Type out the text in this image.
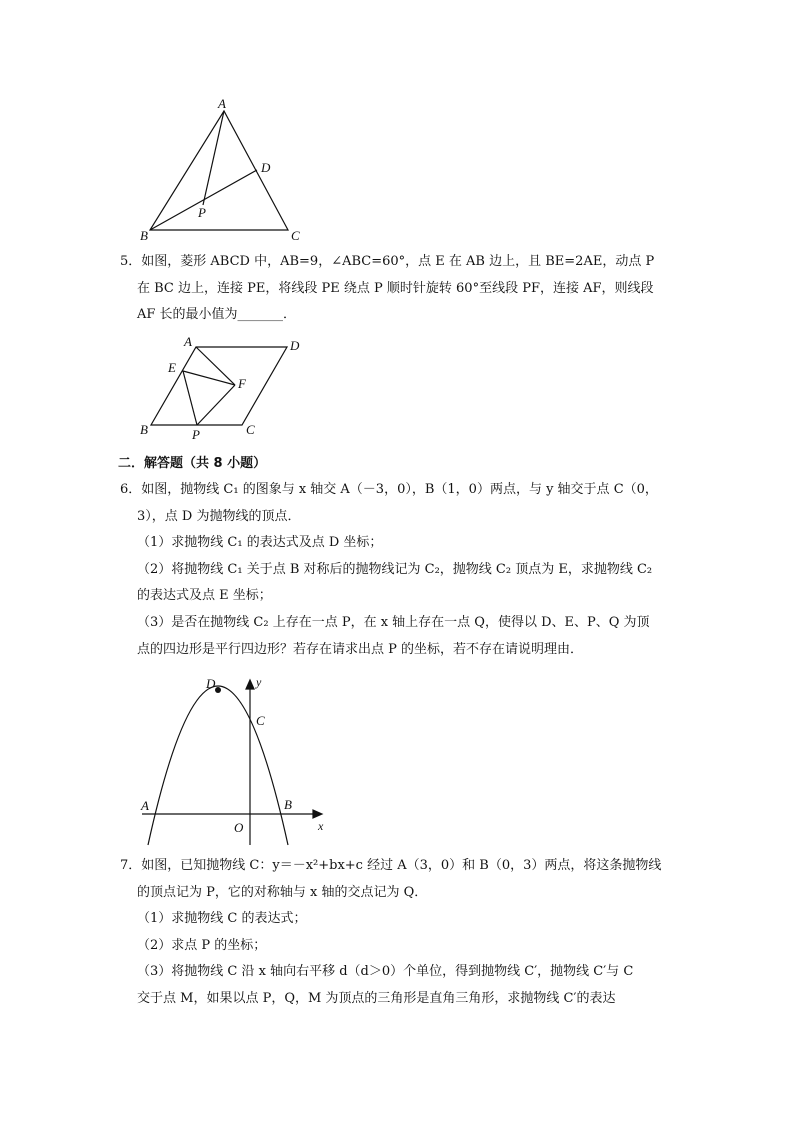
A
B	C
D
P
5．如图，菱形 ABCD 中，AB=9，∠ABC=60°，点 E 在 AB 边上，且 BE=2AE，动点 P
在 BC 边上，连接 PE，将线段 PE 绕点 P 顺时针旋转 60°至线段 PF，连接 AF，则线段
AF 长的最小值为_______．
A	D
E
F
B	P	C
二．解答题（共 8 小题）
6．如图，抛物线 C₁ 的图象与 x 轴交 A（－3，0），B（1，0）两点，与 y 轴交于点 C（0，
3），点 D 为抛物线的顶点．
（1）求抛物线 C₁ 的表达式及点 D 坐标；
（2）将抛物线 C₁ 关于点 B 对称后的抛物线记为 C₂，抛物线 C₂ 顶点为 E，求抛物线 C₂
的表达式及点 E 坐标；
（3）是否在抛物线 C₂ 上存在一点 P，在 x 轴上存在一点 Q，使得以 D、E、P、Q 为顶
点的四边形是平行四边形？若存在请求出点 P 的坐标，若不存在请说明理由．
D	y
C
A	B
O	x
7．如图，已知抛物线 C：y＝－x²+bx+c 经过 A（3，0）和 B（0，3）两点，将这条抛物线
的顶点记为 P，它的对称轴与 x 轴的交点记为 Q．
（1）求抛物线 C 的表达式；
（2）求点 P 的坐标；
（3）将抛物线 C 沿 x 轴向右平移 d（d＞0）个单位，得到抛物线 C′，抛物线 C′与 C
交于点 M，如果以点 P，Q，M 为顶点的三角形是直角三角形，求抛物线 C′的表达
